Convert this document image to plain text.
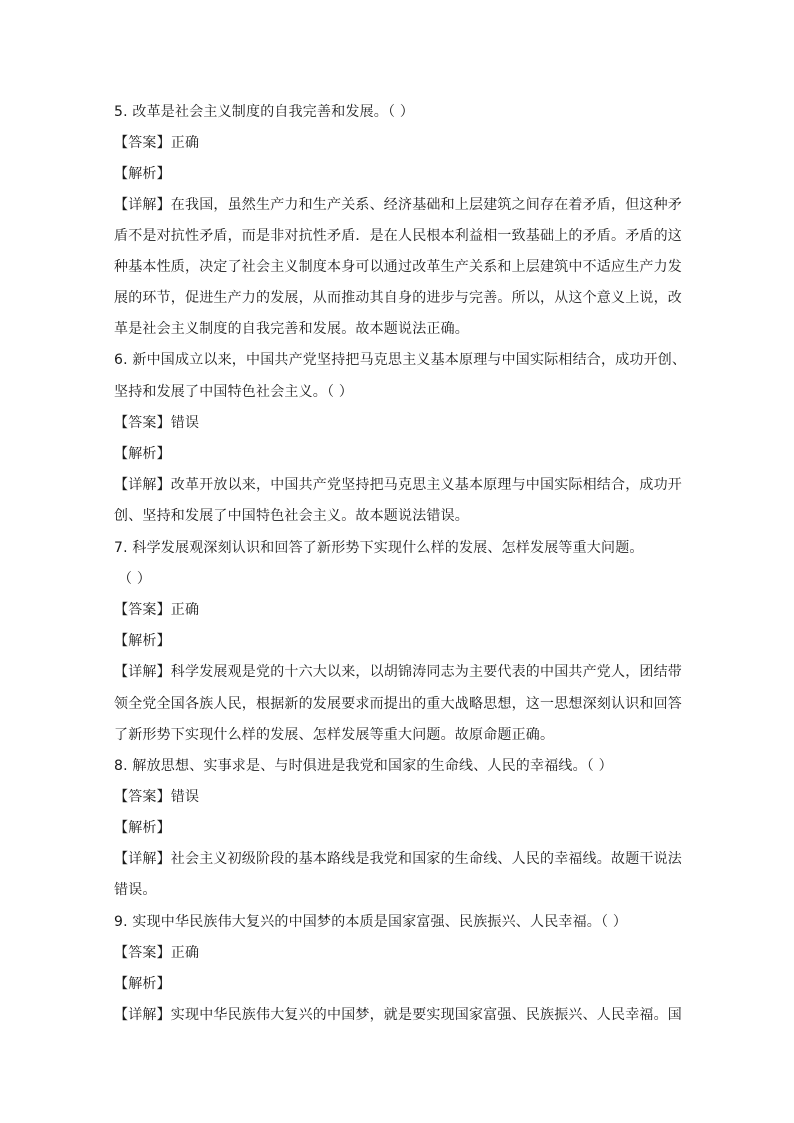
5. 改革是社会主义制度的自我完善和发展。（ ）
【答案】正确
【解析】
【详解】在我国，虽然生产力和生产关系、经济基础和上层建筑之间存在着矛盾，但这种矛
盾不是对抗性矛盾，而是非对抗性矛盾．是在人民根本利益相一致基础上的矛盾。矛盾的这
种基本性质，决定了社会主义制度本身可以通过改革生产关系和上层建筑中不适应生产力发
展的环节，促进生产力的发展，从而推动其自身的进步与完善。所以，从这个意义上说，改
革是社会主义制度的自我完善和发展。故本题说法正确。
6. 新中国成立以来，中国共产党坚持把马克思主义基本原理与中国实际相结合，成功开创、
坚持和发展了中国特色社会主义。（ ）
【答案】错误
【解析】
【详解】改革开放以来，中国共产党坚持把马克思主义基本原理与中国实际相结合，成功开
创、坚持和发展了中国特色社会主义。故本题说法错误。
7. 科学发展观深刻认识和回答了新形势下实现什么样的发展、怎样发展等重大问题。
（ ）
【答案】正确
【解析】
【详解】科学发展观是党的十六大以来，以胡锦涛同志为主要代表的中国共产党人，团结带
领全党全国各族人民，根据新的发展要求而提出的重大战略思想，这一思想深刻认识和回答
了新形势下实现什么样的发展、怎样发展等重大问题。故原命题正确。
8. 解放思想、实事求是、与时俱进是我党和国家的生命线、人民的幸福线。（ ）
【答案】错误
【解析】
【详解】社会主义初级阶段的基本路线是我党和国家的生命线、人民的幸福线。故题干说法
错误。
9. 实现中华民族伟大复兴的中国梦的本质是国家富强、民族振兴、人民幸福。（ ）
【答案】正确
【解析】
【详解】实现中华民族伟大复兴的中国梦，就是要实现国家富强、民族振兴、人民幸福。国
